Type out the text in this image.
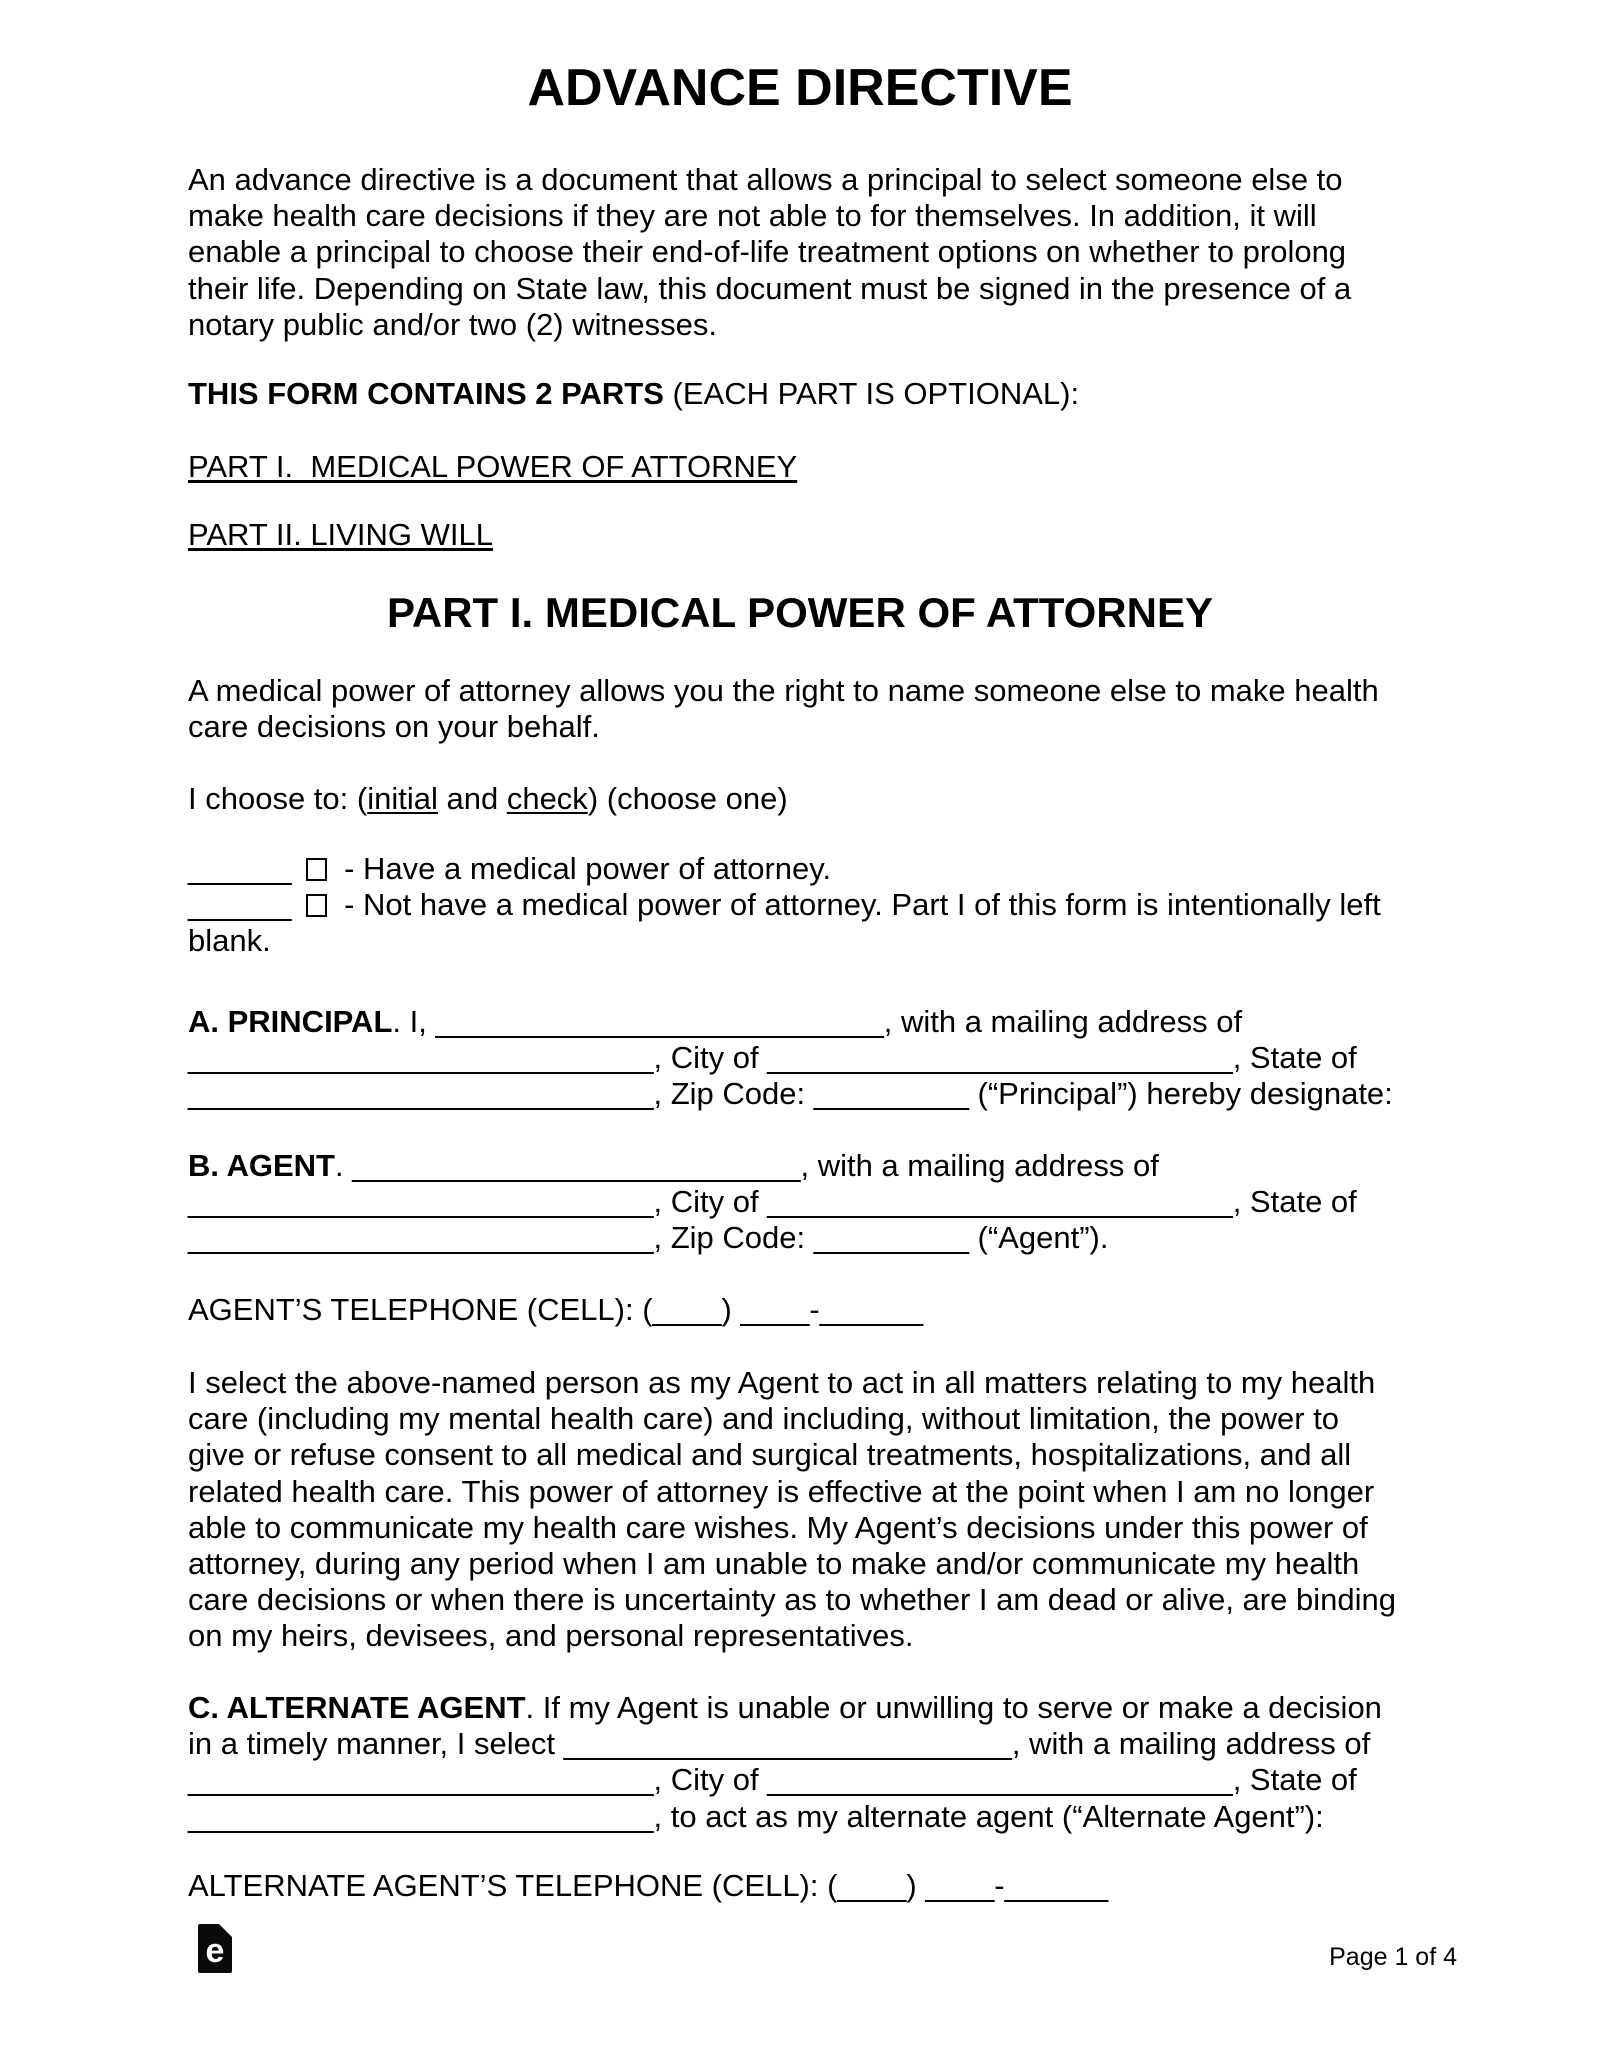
ADVANCE DIRECTIVE
An advance directive is a document that allows a principal to select someone else to
make health care decisions if they are not able to for themselves. In addition, it will
enable a principal to choose their end-of-life treatment options on whether to prolong
their life. Depending on State law, this document must be signed in the presence of a
notary public and/or two (2) witnesses.
THIS FORM CONTAINS 2 PARTS (EACH PART IS OPTIONAL):
PART I.  MEDICAL POWER OF ATTORNEY
PART II. LIVING WILL
PART I. MEDICAL POWER OF ATTORNEY
A medical power of attorney allows you the right to name someone else to make health
care decisions on your behalf.
I choose to: (initial and check) (choose one)
______ - Have a medical power of attorney.
______ - Not have a medical power of attorney. Part I of this form is intentionally left
blank.
A. PRINCIPAL. I, __________________________, with a mailing address of
___________________________, City of ___________________________, State of
___________________________, Zip Code: _________ (“Principal”) hereby designate:
B. AGENT. __________________________, with a mailing address of
___________________________, City of ___________________________, State of
___________________________, Zip Code: _________ (“Agent”).
AGENT’S TELEPHONE (CELL): (____) ____-______
I select the above-named person as my Agent to act in all matters relating to my health
care (including my mental health care) and including, without limitation, the power to
give or refuse consent to all medical and surgical treatments, hospitalizations, and all
related health care. This power of attorney is effective at the point when I am no longer
able to communicate my health care wishes. My Agent’s decisions under this power of
attorney, during any period when I am unable to make and/or communicate my health
care decisions or when there is uncertainty as to whether I am dead or alive, are binding
on my heirs, devisees, and personal representatives.
C. ALTERNATE AGENT. If my Agent is unable or unwilling to serve or make a decision
in a timely manner, I select __________________________, with a mailing address of
___________________________, City of ___________________________, State of
___________________________, to act as my alternate agent (“Alternate Agent”):
ALTERNATE AGENT’S TELEPHONE (CELL): (____) ____-______
e	Page 1 of 4
